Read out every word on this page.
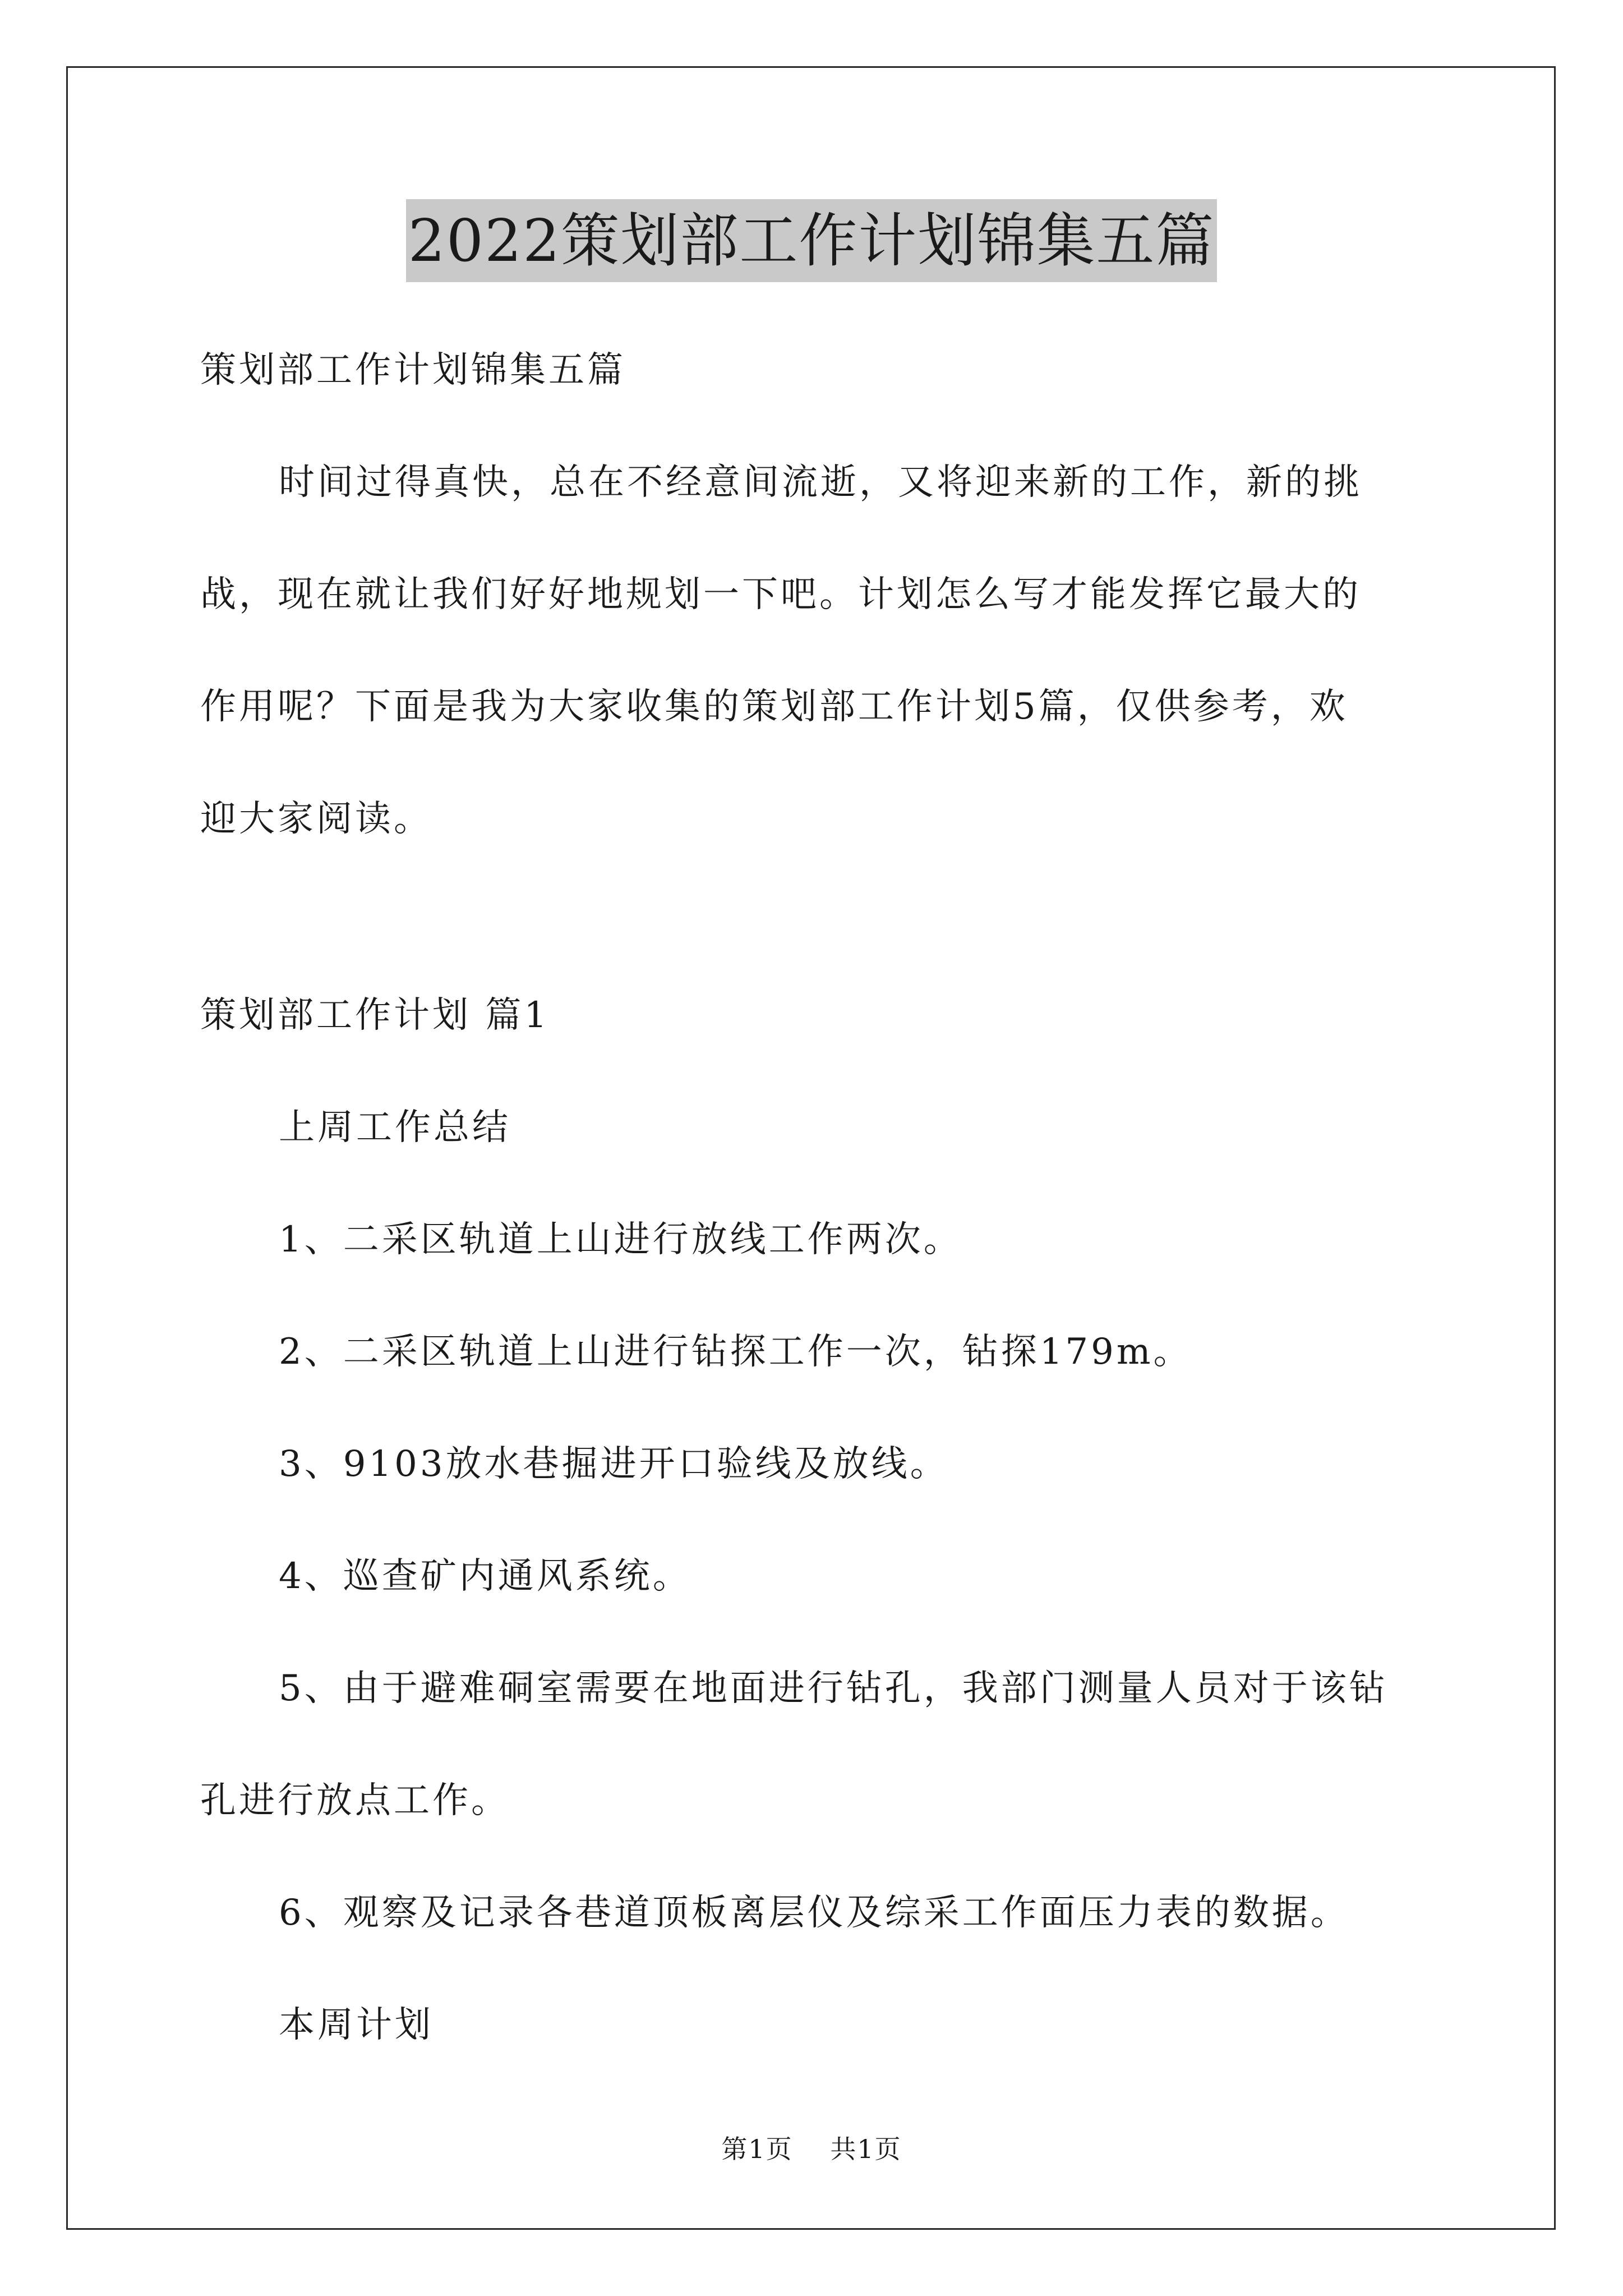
2022策划部工作计划锦集五篇
策划部工作计划锦集五篇
时间过得真快，总在不经意间流逝，又将迎来新的工作，新的挑
战，现在就让我们好好地规划一下吧。计划怎么写才能发挥它最大的
作用呢？下面是我为大家收集的策划部工作计划5篇，仅供参考，欢
迎大家阅读。
策划部工作计划 篇1
上周工作总结
1、二采区轨道上山进行放线工作两次。
2、二采区轨道上山进行钻探工作一次，钻探179m。
3、9103放水巷掘进开口验线及放线。
4、巡查矿内通风系统。
5、由于避难硐室需要在地面进行钻孔，我部门测量人员对于该钻
孔进行放点工作。
6、观察及记录各巷道顶板离层仪及综采工作面压力表的数据。
本周计划
第1页 共1页
